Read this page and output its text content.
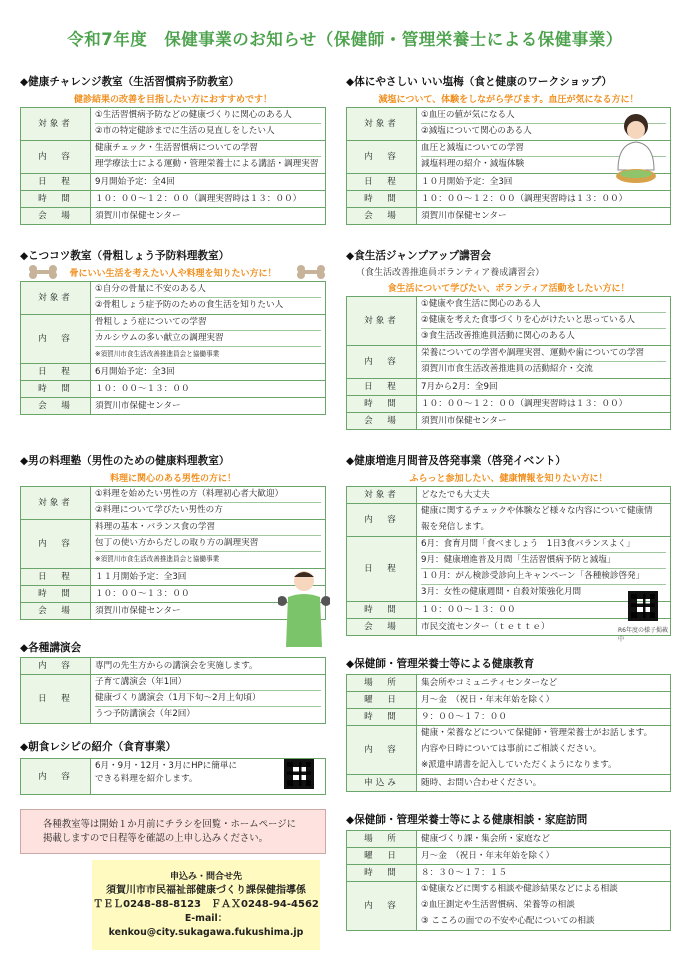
令和7年度　保健事業のお知らせ（保健師・管理栄養士による保健事業）
◆健康チャレンジ教室（生活習慣病予防教室）
健診結果の改善を目指したい方におすすめです！
対象者	①生活習慣病予防などの健康づくりに関心のある人
②市の特定健診までに生活の見直しをしたい人

内　容	健康チェック・生活習慣病についての学習
理学療法士による運動・管理栄養士による講話・調理実習

日　程	9月開始予定：全4回
時　間	１０：００～１２：００（調理実習時は１３：００）
会　場	須賀川市保健センター
◆体にやさしい いい塩梅（食と健康のワークショップ）
減塩について、体験をしながら学びます。血圧が気になる方に！
対象者	①血圧の値が気になる人
②減塩について関心のある人

内　容	血圧と減塩についての学習
減塩料理の紹介・減塩体験

日　程	１０月開始予定：全3回
時　間	１０：００～１２：００（調理実習時は１３：００）
会　場	須賀川市保健センター
◆こつコツ教室（骨粗しょう予防料理教室）
骨にいい生活を考えたい人や料理を知りたい方に！
対象者	①自分の骨量に不安のある人
②骨粗しょう症予防のための食生活を知りたい人

内　容	骨粗しょう症についての学習
カルシウムの多い献立の調理実習
※須賀川市食生活改善推進員会と協働事業

日　程	6月開始予定：全3回
時　間	１０：００～１３：００
会　場	須賀川市保健センター
◆食生活ジャンプアップ講習会
（食生活改善推進員ボランティア養成講習会）
食生活について学びたい、ボランティア活動をしたい方に！
対象者	①健康や食生活に関心のある人
②健康を考えた食事づくりを心がけたいと思っている人
③食生活改善推進員活動に関心のある人

内　容	栄養についての学習や調理実習、運動や歯についての学習
須賀川市食生活改善推進員の活動紹介・交流

日　程	7月から2月：全9回
時　間	１０：００～１２：００（調理実習時は１３：００）
会　場	須賀川市保健センター
◆男の料理塾（男性のための健康料理教室）
料理に関心のある男性の方に！
対象者	①料理を始めたい男性の方（料理初心者大歓迎）
②料理について学びたい男性の方

内　容	料理の基本・バランス食の学習
包丁の使い方からだしの取り方の調理実習
※須賀川市食生活改善推進員会と協働事業

日　程	１１月開始予定：全3回
時　間	１０：００～１３：００
会　場	須賀川市保健センター
◆健康増進月間普及啓発事業（啓発イベント）
ふらっと参加したい、健康情報を知りたい方に！
対象者	どなたでも大丈夫
内　容	健康に関するチェックや体験など様々な内容について健康情
報を発信します。

日　程	6月：食育月間「食べましょう　1日3食バランスよく」
9月：健康増進普及月間「生活習慣病予防と減塩」
１０月：がん検診受診向上キャンペーン「各種検診啓発」
3月：女性の健康週間・自殺対策強化月間

時　間	１０：００～１３：００
会　場	市民交流センター（ｔｅｔｔｅ）	R6年度の様子掲載中
◆各種講演会
内　容	専門の先生方からの講演会を実施します。
日　程	子育て講演会（年1回）
健康づくり講演会（1月下旬～2月上旬頃）
うつ予防講演会（年2回）
◆朝食レシピの紹介（食育事業）
内　容	
6月・9月・12月・3月にHPに簡単に
できる料理を紹介します。
各種教室等は開始１か月前にチラシを回覧・ホームページに
掲載しますので日程等を確認の上申し込みください。
申込み・問合せ先
須賀川市市民福祉部健康づくり課保健指導係
ＴＥＬ0248-88-8123　ＦＡＸ0248-94-4562
E-mail：kenkou@city.sukagawa.fukushima.jp
◆保健師・管理栄養士等による健康教育
場　所	集会所やコミュニティセンターなど
曜　日	月～金　（祝日・年末年始を除く）
時　間	９：００～１７：００
内　容	健康・栄養などについて保健師・管理栄養士がお話します。
内容や日時については事前にご相談ください。
※派遣申請書を記入していただくようになります。

申込み	随時、お問い合わせください。
◆保健師・管理栄養士等による健康相談・家庭訪問
場　所	健康づくり課・集会所・家庭など
曜　日	月～金　（祝日・年末年始を除く）
時　間	８：３０～１７：１５
内　容	①健康などに関する相談や健診結果などによる相談
②血圧測定や生活習慣病、栄養等の相談
③ こころの面での不安や心配についての相談
